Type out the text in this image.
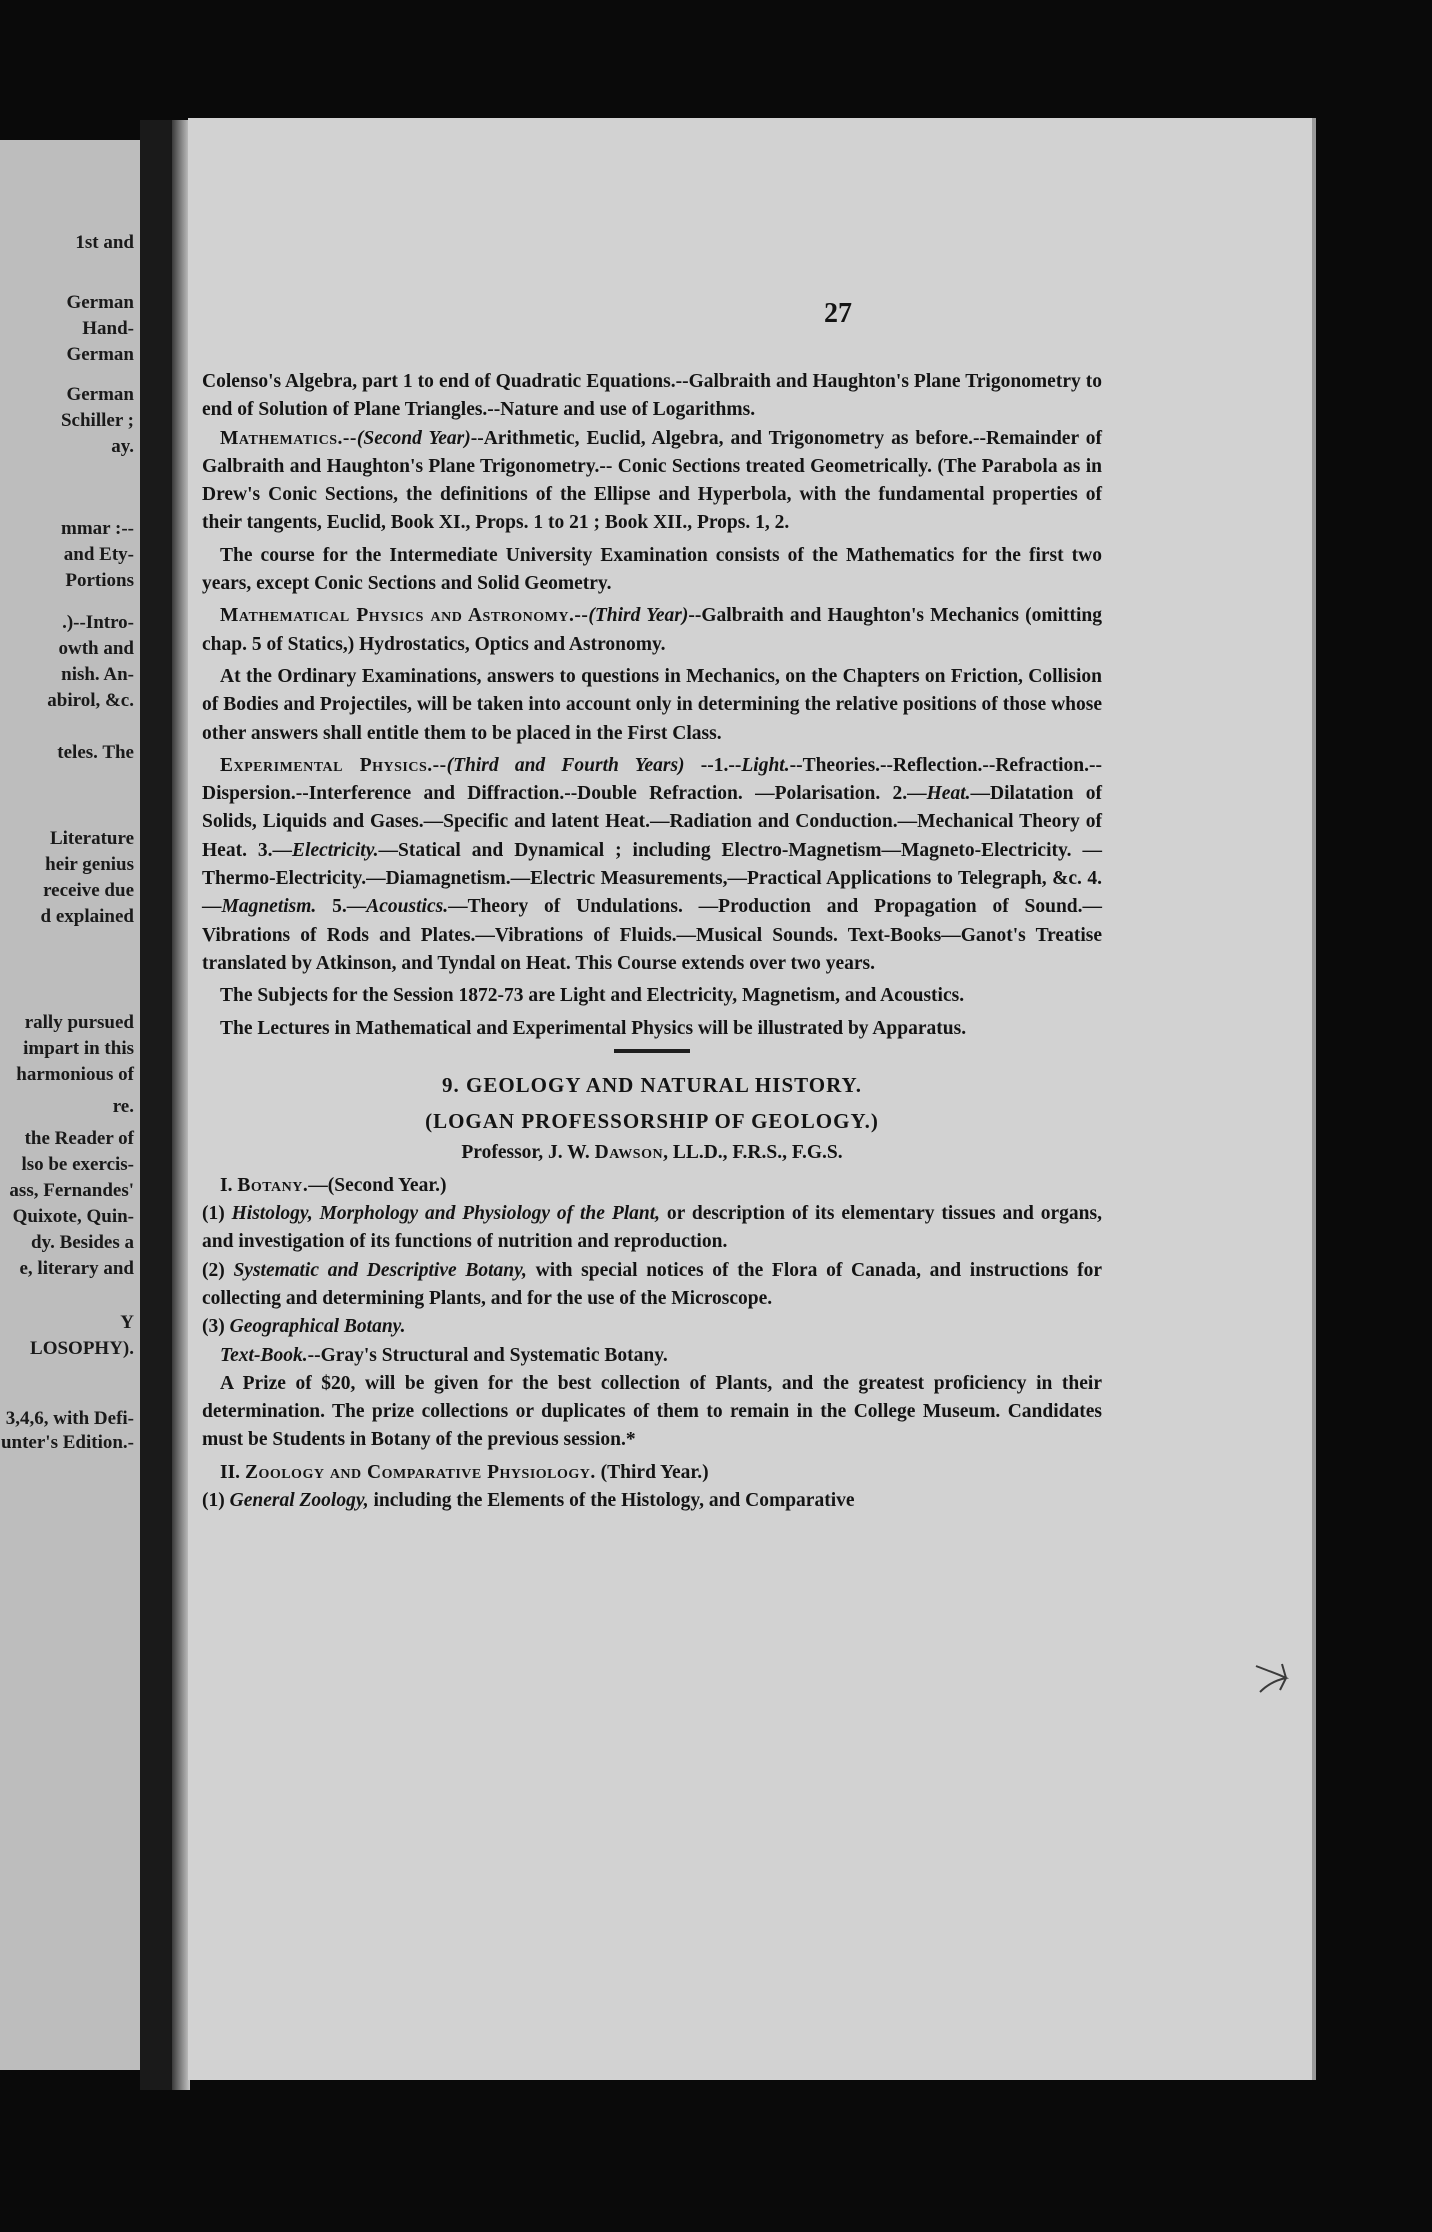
1st and
German
Hand-
German
German
Schiller ;
ay.
mmar :--
and Ety-
Portions
.)--Intro-
owth and
nish. An-
abirol, &c.
teles. The
Literature
heir genius
receive due
d explained
rally pursued
impart in this
harmonious of
re.
the Reader of
lso be exercis-
ass, Fernandes'
Quixote, Quin-
dy. Besides a
e, literary and
Y
LOSOPHY).
3,4,6, with Defi-
unter's Edition.-
27

Colenso's Algebra, part 1 to end of Quadratic Equations.--Galbraith and Haughton's Plane Trigonometry to end of Solution of Plane Triangles.--Nature and use of Logarithms.

Mathematics.--(Second Year)--Arithmetic, Euclid, Algebra, and Trigonometry as before.--Remainder of Galbraith and Haughton's Plane Trigonometry.-- Conic Sections treated Geometrically. (The Parabola as in Drew's Conic Sections, the definitions of the Ellipse and Hyperbola, with the fundamental properties of their tangents, Euclid, Book XI., Props. 1 to 21 ; Book XII., Props. 1, 2.

The course for the Intermediate University Examination consists of the Mathematics for the first two years, except Conic Sections and Solid Geometry.

Mathematical Physics and Astronomy.--(Third Year)--Galbraith and Haughton's Mechanics (omitting chap. 5 of Statics,) Hydrostatics, Optics and Astronomy.

At the Ordinary Examinations, answers to questions in Mechanics, on the Chapters on Friction, Collision of Bodies and Projectiles, will be taken into account only in determining the relative positions of those whose other answers shall entitle them to be placed in the First Class.

Experimental Physics.--(Third and Fourth Years) --1.--Light.--Theories.--Reflection.--Refraction.--Dispersion.--Interference and Diffraction.--Double Refraction. —Polarisation. 2.—Heat.—Dilatation of Solids, Liquids and Gases.—Specific and latent Heat.—Radiation and Conduction.—Mechanical Theory of Heat. 3.—Electricity.—Statical and Dynamical ; including Electro-Magnetism—Magneto-Electricity. —Thermo-Electricity.—Diamagnetism.—Electric Measurements,—Practical Applications to Telegraph, &c. 4.—Magnetism. 5.—Acoustics.—Theory of Undulations. —Production and Propagation of Sound.—Vibrations of Rods and Plates.—Vibrations of Fluids.—Musical Sounds. Text-Books—Ganot's Treatise translated by Atkinson, and Tyndal on Heat. This Course extends over two years.

The Subjects for the Session 1872-73 are Light and Electricity, Magnetism, and Acoustics.

The Lectures in Mathematical and Experimental Physics will be illustrated by Apparatus.

9. GEOLOGY AND NATURAL HISTORY.

(LOGAN PROFESSORSHIP OF GEOLOGY.)

Professor, J. W. Dawson, LL.D., F.R.S., F.G.S.

I. Botany.—(Second Year.)

(1) Histology, Morphology and Physiology of the Plant, or description of its elementary tissues and organs, and investigation of its functions of nutrition and reproduction.

(2) Systematic and Descriptive Botany, with special notices of the Flora of Canada, and instructions for collecting and determining Plants, and for the use of the Microscope.

(3) Geographical Botany.

Text-Book.--Gray's Structural and Systematic Botany.

A Prize of $20, will be given for the best collection of Plants, and the greatest proficiency in their determination. The prize collections or duplicates of them to remain in the College Museum. Candidates must be Students in Botany of the previous session.*

II. Zoology and Comparative Physiology. (Third Year.)

(1) General Zoology, including the Elements of the Histology, and Comparative
